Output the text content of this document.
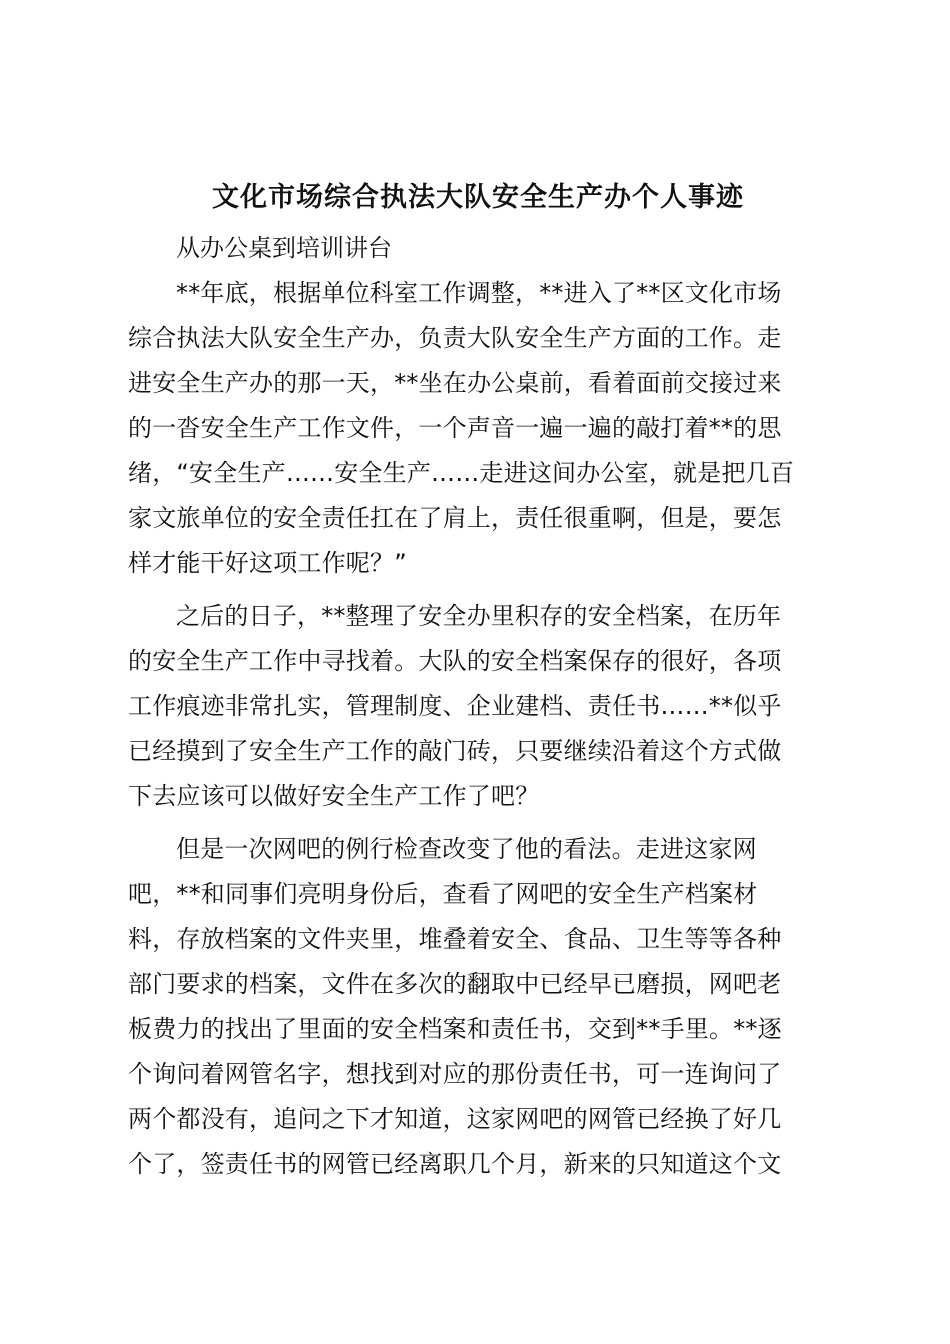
文化市场综合执法大队安全生产办个人事迹

从办公桌到培训讲台

**年底，根据单位科室工作调整，**进入了**区文化市场
综合执法大队安全生产办，负责大队安全生产方面的工作。走
进安全生产办的那一天，**坐在办公桌前，看着面前交接过来
的一沓安全生产工作文件，一个声音一遍一遍的敲打着**的思
绪，“安全生产……安全生产……走进这间办公室，就是把几百
家文旅单位的安全责任扛在了肩上，责任很重啊，但是，要怎
样才能干好这项工作呢？”
之后的日子，**整理了安全办里积存的安全档案，在历年
的安全生产工作中寻找着。大队的安全档案保存的很好，各项
工作痕迹非常扎实，管理制度、企业建档、责任书……**似乎
已经摸到了安全生产工作的敲门砖，只要继续沿着这个方式做
下去应该可以做好安全生产工作了吧？
但是一次网吧的例行检查改变了他的看法。走进这家网
吧，**和同事们亮明身份后，查看了网吧的安全生产档案材
料，存放档案的文件夹里，堆叠着安全、食品、卫生等等各种
部门要求的档案，文件在多次的翻取中已经早已磨损，网吧老
板费力的找出了里面的安全档案和责任书，交到**手里。**逐
个询问着网管名字，想找到对应的那份责任书，可一连询问了
两个都没有，追问之下才知道，这家网吧的网管已经换了好几
个了，签责任书的网管已经离职几个月，新来的只知道这个文
